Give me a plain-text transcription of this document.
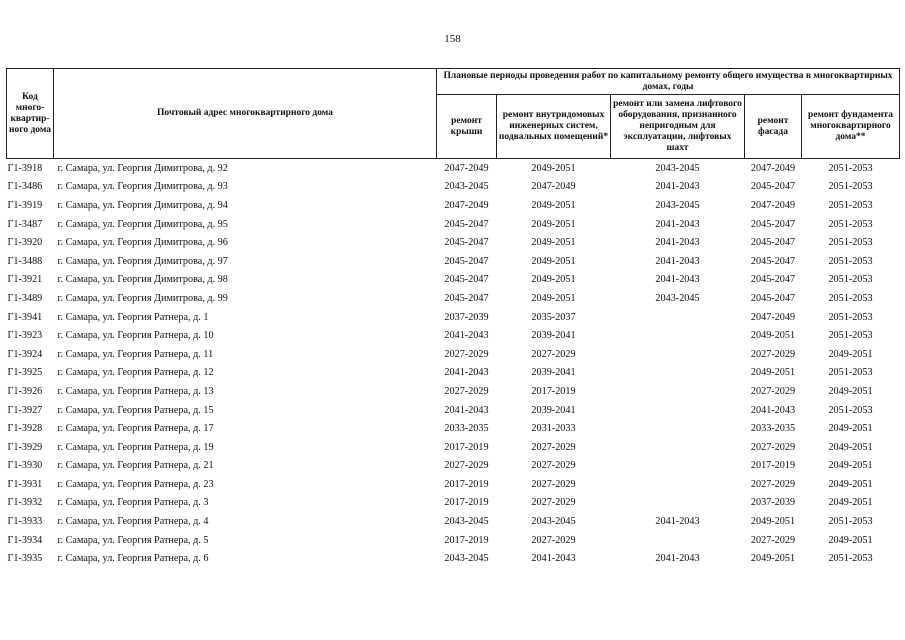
158
Код много-квартир-ного дома	Почтовый адрес многоквартирного дома	Плановые периоды проведения работ по капитальному ремонту общего имущества в многоквартирных домах, годы				
		ремонт крыши	ремонт внутридомовых инженерных систем, подвальных помещений*	ремонт или замена лифтового оборудования, признанного непригодным для эксплуатации, лифтовых шахт	ремонт фасада	ремонт фундамента многоквартирного дома**
Г1-3918	г. Самара, ул. Георгия Димитрова, д. 92	2047-2049	2049-2051	2043-2045	2047-2049	2051-2053
Г1-3486	г. Самара, ул. Георгия Димитрова, д. 93	2043-2045	2047-2049	2041-2043	2045-2047	2051-2053
Г1-3919	г. Самара, ул. Георгия Димитрова, д. 94	2047-2049	2049-2051	2043-2045	2047-2049	2051-2053
Г1-3487	г. Самара, ул. Георгия Димитрова, д. 95	2045-2047	2049-2051	2041-2043	2045-2047	2051-2053
Г1-3920	г. Самара, ул. Георгия Димитрова, д. 96	2045-2047	2049-2051	2041-2043	2045-2047	2051-2053
Г1-3488	г. Самара, ул. Георгия Димитрова, д. 97	2045-2047	2049-2051	2041-2043	2045-2047	2051-2053
Г1-3921	г. Самара, ул. Георгия Димитрова, д. 98	2045-2047	2049-2051	2041-2043	2045-2047	2051-2053
Г1-3489	г. Самара, ул. Георгия Димитрова, д. 99	2045-2047	2049-2051	2043-2045	2045-2047	2051-2053
Г1-3941	г. Самара, ул. Георгия Ратнера, д. 1	2037-2039	2035-2037		2047-2049	2051-2053
Г1-3923	г. Самара, ул. Георгия Ратнера, д. 10	2041-2043	2039-2041		2049-2051	2051-2053
Г1-3924	г. Самара, ул. Георгия Ратнера, д. 11	2027-2029	2027-2029		2027-2029	2049-2051
Г1-3925	г. Самара, ул. Георгия Ратнера, д. 12	2041-2043	2039-2041		2049-2051	2051-2053
Г1-3926	г. Самара, ул. Георгия Ратнера, д. 13	2027-2029	2017-2019		2027-2029	2049-2051
Г1-3927	г. Самара, ул. Георгия Ратнера, д. 15	2041-2043	2039-2041		2041-2043	2051-2053
Г1-3928	г. Самара, ул. Георгия Ратнера, д. 17	2033-2035	2031-2033		2033-2035	2049-2051
Г1-3929	г. Самара, ул. Георгия Ратнера, д. 19	2017-2019	2027-2029		2027-2029	2049-2051
Г1-3930	г. Самара, ул. Георгия Ратнера, д. 21	2027-2029	2027-2029		2017-2019	2049-2051
Г1-3931	г. Самара, ул. Георгия Ратнера, д. 23	2017-2019	2027-2029		2027-2029	2049-2051
Г1-3932	г. Самара, ул. Георгия Ратнера, д. 3	2017-2019	2027-2029		2037-2039	2049-2051
Г1-3933	г. Самара, ул. Георгия Ратнера, д. 4	2043-2045	2043-2045	2041-2043	2049-2051	2051-2053
Г1-3934	г. Самара, ул. Георгия Ратнера, д. 5	2017-2019	2027-2029		2027-2029	2049-2051
Г1-3935	г. Самара, ул. Георгия Ратнера, д. 6	2043-2045	2041-2043	2041-2043	2049-2051	2051-2053
